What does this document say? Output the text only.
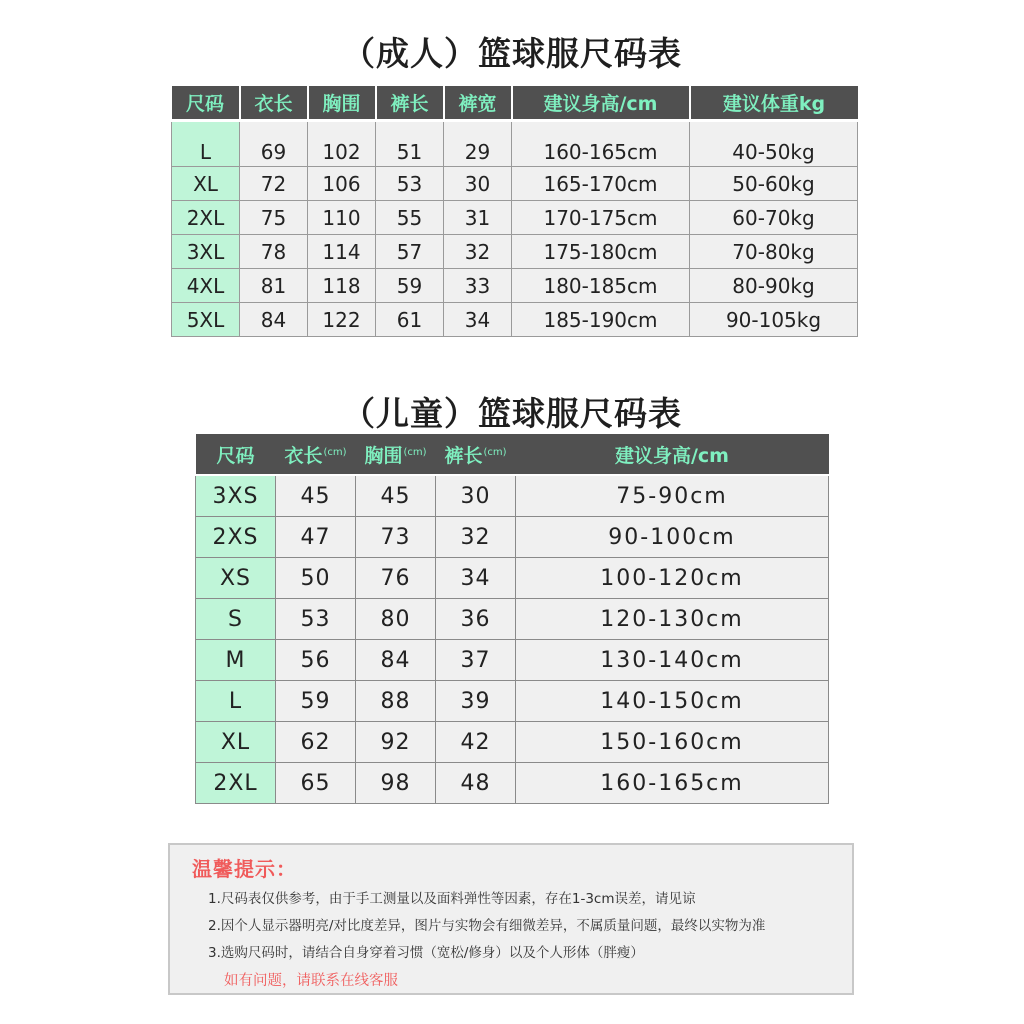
（成人）篮球服尺码表
尺码	衣长	胸围	裤长	裤宽	建议身高/cm	建议体重kg

L	69	102	51	29	160-165cm	40-50kg
XL	72	106	53	30	165-170cm	50-60kg
2XL	75	110	55	31	170-175cm	60-70kg
3XL	78	114	57	32	175-180cm	70-80kg
4XL	81	118	59	33	180-185cm	80-90kg
5XL	84	122	61	34	185-190cm	90-105kg
（儿童）篮球服尺码表
尺码	衣长$^{(cm)}$	胸围$^{(cm)}$	裤长$^{(cm)}$	建议身高/cm

3XS	45	45	30	75-90cm
2XS	47	73	32	90-100cm
XS	50	76	34	100-120cm
S	53	80	36	120-130cm
M	56	84	37	130-140cm
L	59	88	39	140-150cm
XL	62	92	42	150-160cm
2XL	65	98	48	160-165cm
温馨提示：
1.尺码表仅供参考，由于手工测量以及面料弹性等因素，存在1-3cm误差，请见谅
2.因个人显示器明亮/对比度差异，图片与实物会有细微差异，不属质量问题，最终以实物为准
3.选购尺码时，请结合自身穿着习惯（宽松/修身）以及个人形体（胖瘦）
如有问题，请联系在线客服
